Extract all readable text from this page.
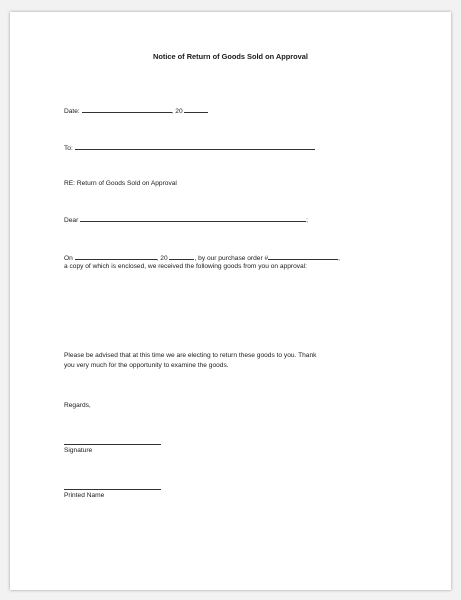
Notice of Return of Goods Sold on Approval
Date:	, 20
To:
RE: Return of Goods Sold on Approval
Dear	;
On	, 20	, by our purchase order #	,
a copy of which is enclosed, we received the following goods from you on approval:
Please be advised that at this time we are electing to return these goods to you. Thank
you very much for the opportunity to examine the goods.
Regards,
Signature
Printed Name
